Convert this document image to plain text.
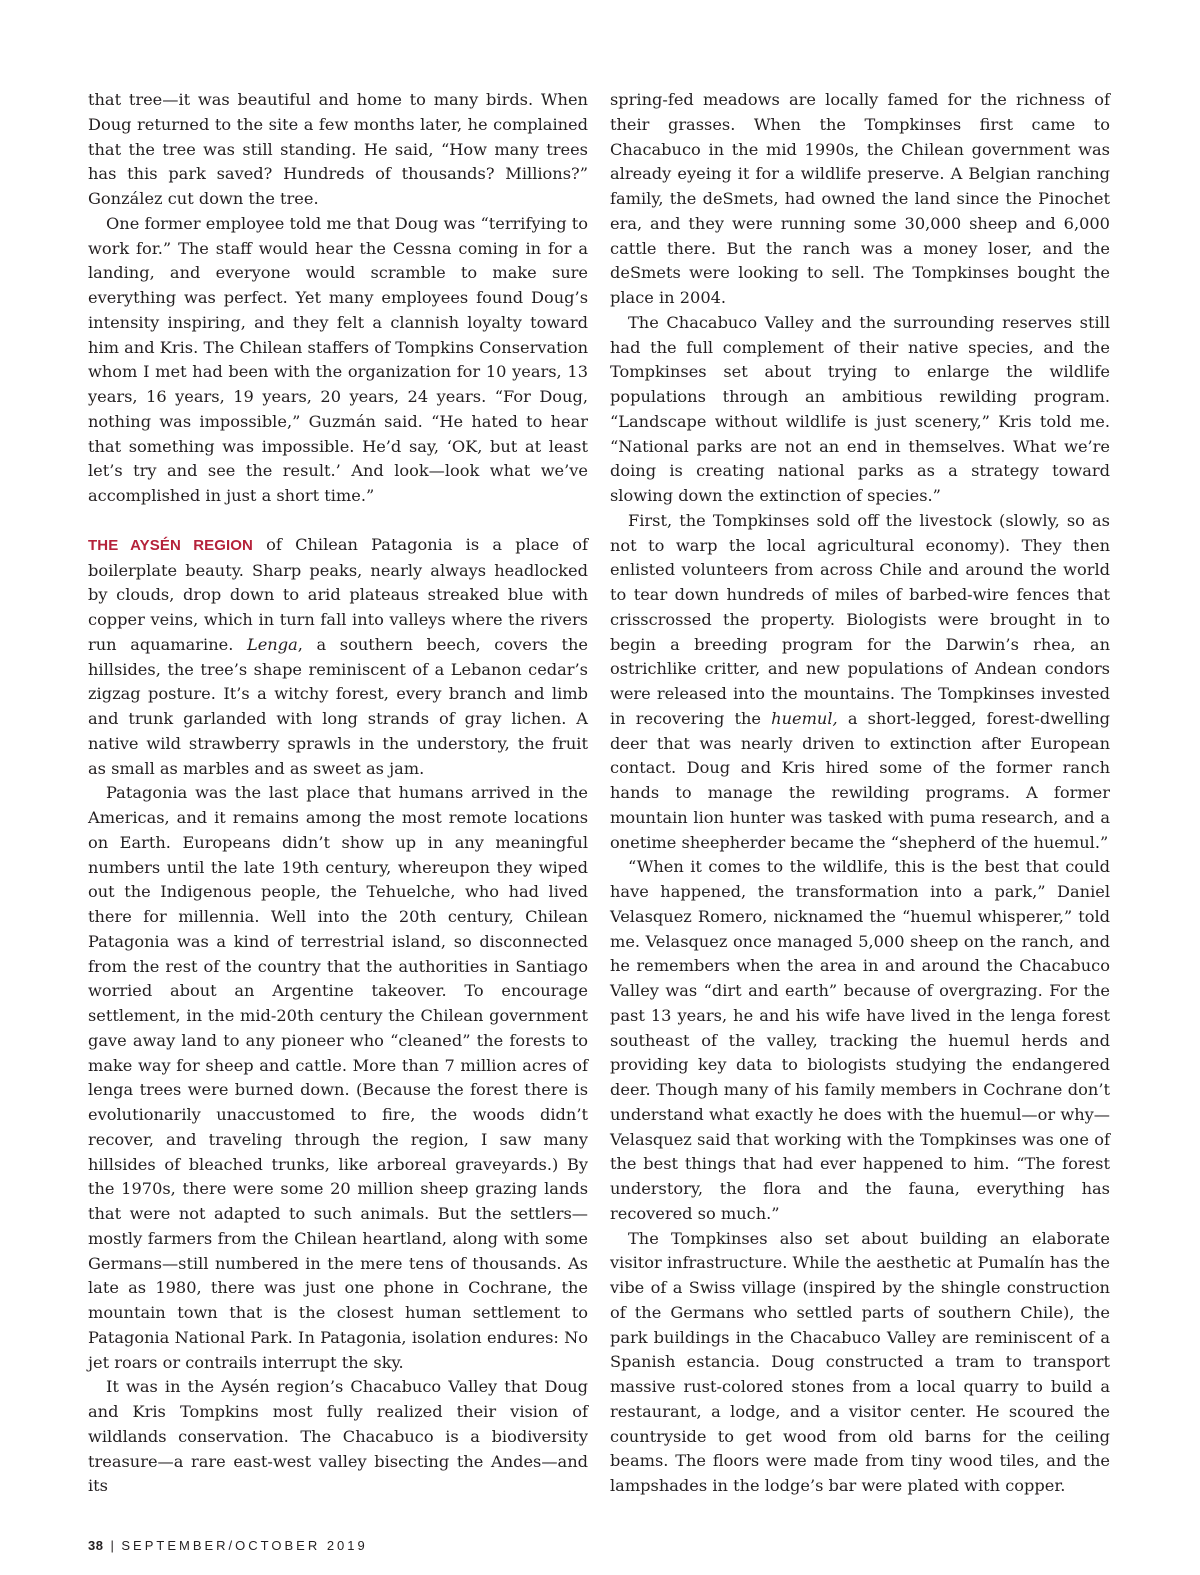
that tree—it was beautiful and home to many birds. When Doug returned to the site a few months later, he complained that the tree was still standing. He said, “How many trees has this park saved? Hundreds of thousands? Millions?” González cut down the tree.

One former employee told me that Doug was “terrifying to work for.” The staff would hear the Cessna coming in for a landing, and everyone would scramble to make sure everything was perfect. Yet many employees found Doug’s intensity inspiring, and they felt a clannish loyalty toward him and Kris. The Chilean staffers of Tompkins Conservation whom I met had been with the organization for 10 years, 13 years, 16 years, 19 years, 20 years, 24 years. “For Doug, nothing was impossible,” Guzmán said. “He hated to hear that something was impossible. He’d say, ‘OK, but at least let’s try and see the result.’ And look—look what we’ve accomplished in just a short time.”

THE AYSÉN REGION of Chilean Patagonia is a place of boilerplate beauty. Sharp peaks, nearly always headlocked by clouds, drop down to arid plateaus streaked blue with copper veins, which in turn fall into valleys where the rivers run aquamarine. Lenga, a southern beech, covers the hillsides, the tree’s shape reminiscent of a Lebanon cedar’s zigzag posture. It’s a witchy forest, every branch and limb and trunk garlanded with long strands of gray lichen. A native wild strawberry sprawls in the understory, the fruit as small as marbles and as sweet as jam.

Patagonia was the last place that humans arrived in the Americas, and it remains among the most remote locations on Earth. Europeans didn’t show up in any meaningful numbers until the late 19th century, whereupon they wiped out the Indigenous people, the Tehuelche, who had lived there for millennia. Well into the 20th century, Chilean Patagonia was a kind of terrestrial island, so disconnected from the rest of the country that the authorities in Santiago worried about an Argentine takeover. To encourage settlement, in the mid-20th century the Chilean government gave away land to any pioneer who “cleaned” the forests to make way for sheep and cattle. More than 7 million acres of lenga trees were burned down. (Because the forest there is evolutionarily unaccustomed to fire, the woods didn’t recover, and traveling through the region, I saw many hillsides of bleached trunks, like arboreal graveyards.) By the 1970s, there were some 20 million sheep grazing lands that were not adapted to such animals. But the settlers—mostly farmers from the Chilean heartland, along with some Germans—still numbered in the mere tens of thousands. As late as 1980, there was just one phone in Cochrane, the mountain town that is the closest human settlement to Patagonia National Park. In Patagonia, isolation endures: No jet roars or contrails interrupt the sky.

It was in the Aysén region’s Chacabuco Valley that Doug and Kris Tompkins most fully realized their vision of wildlands conservation. The Chacabuco is a biodiversity treasure—a rare east-west valley bisecting the Andes—and its

spring-fed meadows are locally famed for the richness of their grasses. When the Tompkinses first came to Chacabuco in the mid 1990s, the Chilean government was already eyeing it for a wildlife preserve. A Belgian ranching family, the deSmets, had owned the land since the Pinochet era, and they were running some 30,000 sheep and 6,000 cattle there. But the ranch was a money loser, and the deSmets were looking to sell. The Tompkinses bought the place in 2004.

The Chacabuco Valley and the surrounding reserves still had the full complement of their native species, and the Tompkinses set about trying to enlarge the wildlife populations through an ambitious rewilding program. “Landscape without wildlife is just scenery,” Kris told me. “National parks are not an end in themselves. What we’re doing is creating national parks as a strategy toward slowing down the extinction of species.”

First, the Tompkinses sold off the livestock (slowly, so as not to warp the local agricultural economy). They then enlisted volunteers from across Chile and around the world to tear down hundreds of miles of barbed-wire fences that crisscrossed the property. Biologists were brought in to begin a breeding program for the Darwin’s rhea, an ostrichlike critter, and new populations of Andean condors were released into the mountains. The Tompkinses invested in recovering the huemul, a short-legged, forest-dwelling deer that was nearly driven to extinction after European contact. Doug and Kris hired some of the former ranch hands to manage the rewilding programs. A former mountain lion hunter was tasked with puma research, and a onetime sheepherder became the “shepherd of the huemul.”

“When it comes to the wildlife, this is the best that could have happened, the transformation into a park,” Daniel Velasquez Romero, nicknamed the “huemul whisperer,” told me. Velasquez once managed 5,000 sheep on the ranch, and he remembers when the area in and around the Chacabuco Valley was “dirt and earth” because of overgrazing. For the past 13 years, he and his wife have lived in the lenga forest southeast of the valley, tracking the huemul herds and providing key data to biologists studying the endangered deer. Though many of his family members in Cochrane don’t understand what exactly he does with the huemul—or why—Velasquez said that working with the Tompkinses was one of the best things that had ever happened to him. “The forest understory, the flora and the fauna, everything has recovered so much.”

The Tompkinses also set about building an elaborate visitor infrastructure. While the aesthetic at Pumalín has the vibe of a Swiss village (inspired by the shingle construction of the Germans who settled parts of southern Chile), the park buildings in the Chacabuco Valley are reminiscent of a Spanish estancia. Doug constructed a tram to transport massive rust-colored stones from a local quarry to build a restaurant, a lodge, and a visitor center. He scoured the countryside to get wood from old barns for the ceiling beams. The floors were made from tiny wood tiles, and the lampshades in the lodge’s bar were plated with copper.

38 | SEPTEMBER/OCTOBER 2019
